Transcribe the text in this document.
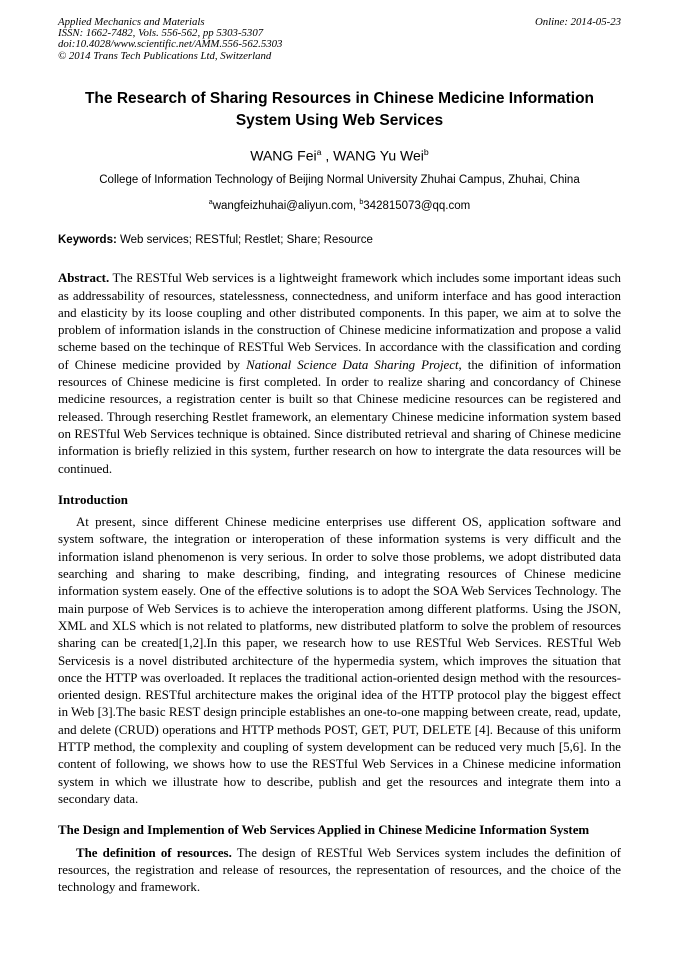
Applied Mechanics and Materials
ISSN: 1662-7482, Vols. 556-562, pp 5303-5307
doi:10.4028/www.scientific.net/AMM.556-562.5303
© 2014 Trans Tech Publications Ltd, Switzerland
Online: 2014-05-23
The Research of Sharing Resources in Chinese Medicine Information System Using Web Services
WANG Fei$^a$ , WANG Yu Wei$^b$
College of Information Technology of Beijing Normal University Zhuhai Campus, Zhuhai, China
$^a$wangfeizhuhai@aliyun.com, $^b$342815073@qq.com
Keywords: Web services; RESTful; Restlet; Share; Resource

Abstract. The RESTful Web services is a lightweight framework which includes some important ideas such as addressability of resources, statelessness, connectedness, and uniform interface and has good interaction and elasticity by its loose coupling and other distributed components. In this paper, we aim at to solve the problem of information islands in the construction of Chinese medicine informatization and propose a valid scheme based on the techinque of RESTful Web Services. In accordance with the classification and cording of Chinese medicine provided by National Science Data Sharing Project, the difinition of information resources of Chinese medicine is first completed. In order to realize sharing and concordancy of Chinese medicine resources, a registration center is built so that Chinese medicine resources can be registered and released. Through reserching Restlet framework, an elementary Chinese medicine information system based on RESTful Web Services technique is obtained. Since distributed retrieval and sharing of Chinese medicine information is briefly relizied in this system, further research on how to intergrate the data resources will be continued.

Introduction

At present, since different Chinese medicine enterprises use different OS, application software and system software, the integration or interoperation of these information systems is very difficult and the information island phenomenon is very serious. In order to solve those problems, we adopt distributed data searching and sharing to make describing, finding, and integrating resources of Chinese medicine information system easely. One of the effective solutions is to adopt the SOA Web Services Technology. The main purpose of Web Services is to achieve the interoperation among different platforms. Using the JSON, XML and XLS which is not related to platforms, new distributed platform to solve the problem of resources sharing can be created[1,2].In this paper, we research how to use RESTful Web Services. RESTful Web Servicesis is a novel distributed architecture of the hypermedia system, which improves the situation that once the HTTP was overloaded. It replaces the traditional action-oriented design method with the resources-oriented design. RESTful architecture makes the original idea of the HTTP protocol play the biggest effect in Web [3].The basic REST design principle establishes an one-to-one mapping between create, read, update, and delete (CRUD) operations and HTTP methods POST, GET, PUT, DELETE [4]. Because of this uniform HTTP method, the complexity and coupling of system development can be reduced very much [5,6]. In the content of following, we shows how to use the RESTful Web Services in a Chinese medicine information system in which we illustrate how to describe, publish and get the resources and integrate them into a secondary data.

The Design and Implemention of Web Services Applied in Chinese Medicine Information System

The definition of resources. The design of RESTful Web Services system includes the definition of resources, the registration and release of resources, the representation of resources, and the choice of the technology and framework.
